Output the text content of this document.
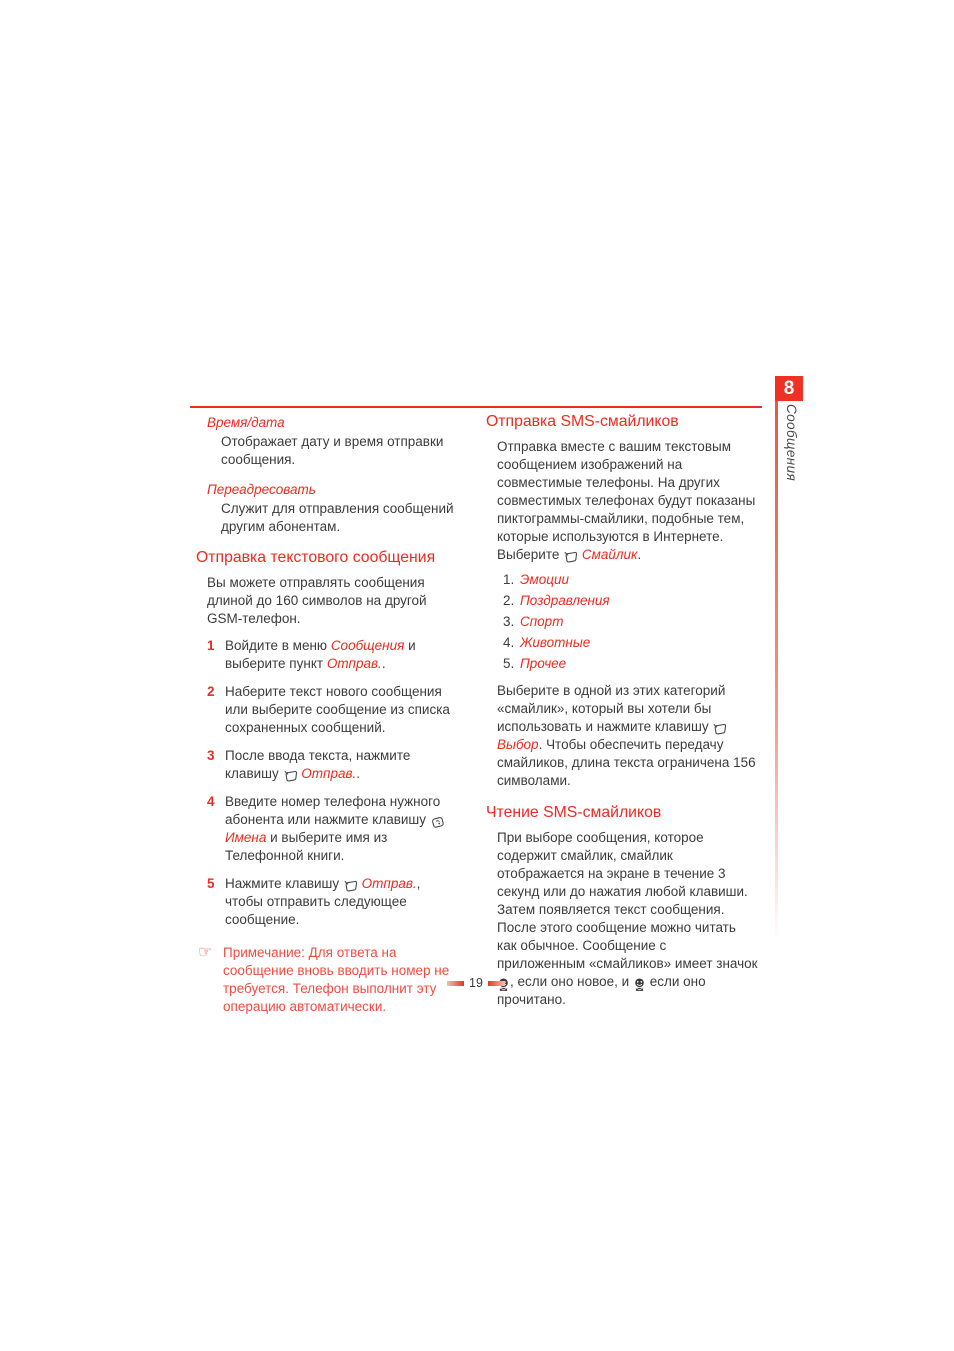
8
Сообщения
Время/дата

Отображает дату и время отправки сообщения.

Переадресовать

Служит для отправления сообщений другим абонентам.

Отправка текстового сообщения

Вы можете отправлять сообщения длиной до 160 символов на другой GSM-телефон.

1 Войдите в меню Сообщения и выберите пункт Отправ..
2 Наберите текст нового сообщения или выберите сообщение из списка сохраненных сообщений.
3 После ввода текста, нажмите клавишу  Отправ..
4 Введите номер телефона нужного абонента или нажмите клавишу  Имена и выберите имя из Телефонной книги.
5 Нажмите клавишу  Отправ., чтобы отправить следующее сообщение.
☞ Примечание: Для ответа на сообщение вновь вводить номер не требуется. Телефон выполнит эту операцию автоматически.
Отправка SMS-смайликов

Отправка вместе с вашим текстовым сообщением изображений на совместимые телефоны. На других совместимых телефонах будут показаны пиктограммы-смайлики, подобные тем, которые используются в Интернете. Выберите  Смайлик.

1. Эмоции
2. Поздравления
3. Спорт
4. Животные
5. Прочее

Выберите в одной из этих категорий «смайлик», который вы хотели бы использовать и нажмите клавишу  Выбор. Чтобы обеспечить передачу смайликов, длина текста ограничена 156 символами.

Чтение SMS-смайликов

При выборе сообщения, которое содержит смайлик, смайлик отображается на экране в течение 3 секунд или до нажатия любой клавиши. Затем появляется текст сообщения. После этого сообщение можно читать как обычное. Сообщение с приложенным «смайликов» имеет значок , если оно новое, и  если оно прочитано.

19
